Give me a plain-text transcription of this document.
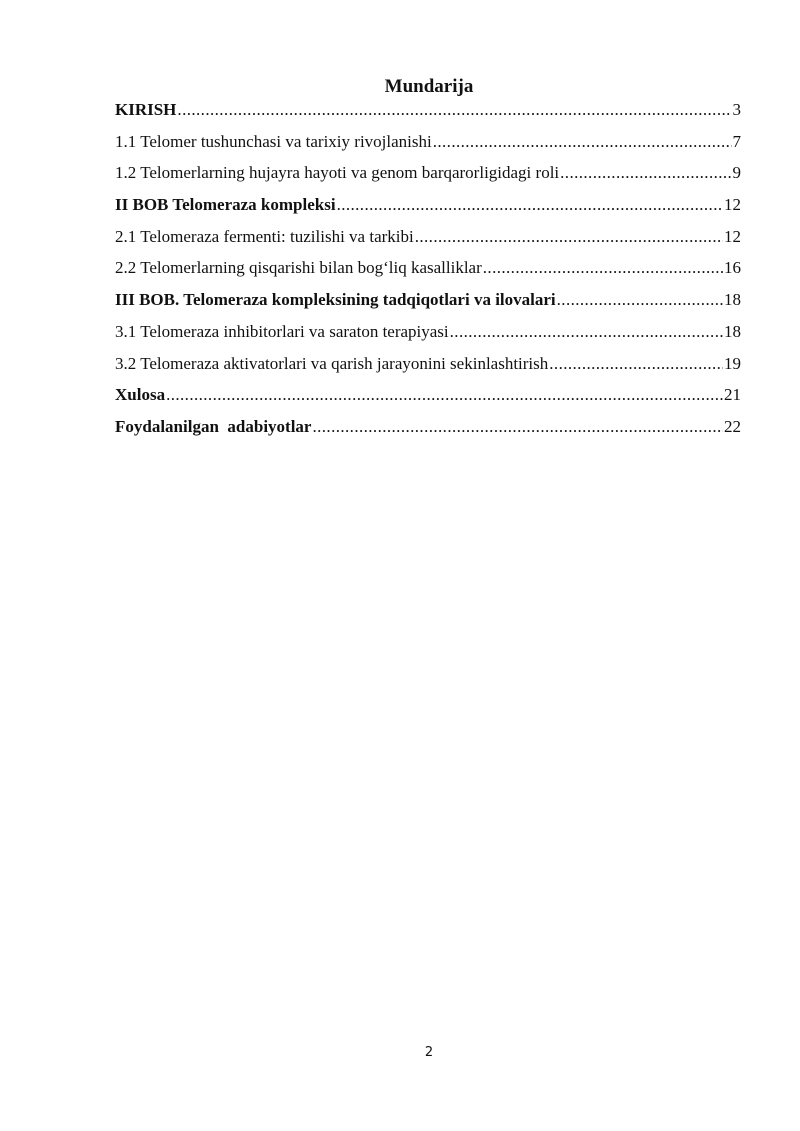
Mundarija
KIRISH .....	3
1.1 Telomer tushunchasi va tarixiy rivojlanishi .....	7
1.2 Telomerlarning hujayra hayoti va genom barqarorligidagi roli .....	9
II BOB Telomeraza kompleksi .....	12
2.1 Telomeraza fermenti: tuzilishi va tarkibi .....	12
2.2 Telomerlarning qisqarishi bilan bog‘liq kasalliklar .....	16
III BOB. Telomeraza kompleksining tadqiqotlari va ilovalari .....	18
3.1 Telomeraza inhibitorlari va saraton terapiyasi .....	18
3.2 Telomeraza aktivatorlari va qarish jarayonini sekinlashtirish .....	19
Xulosa .....	21
Foydalanilgan  adabiyotlar .....	22
2
